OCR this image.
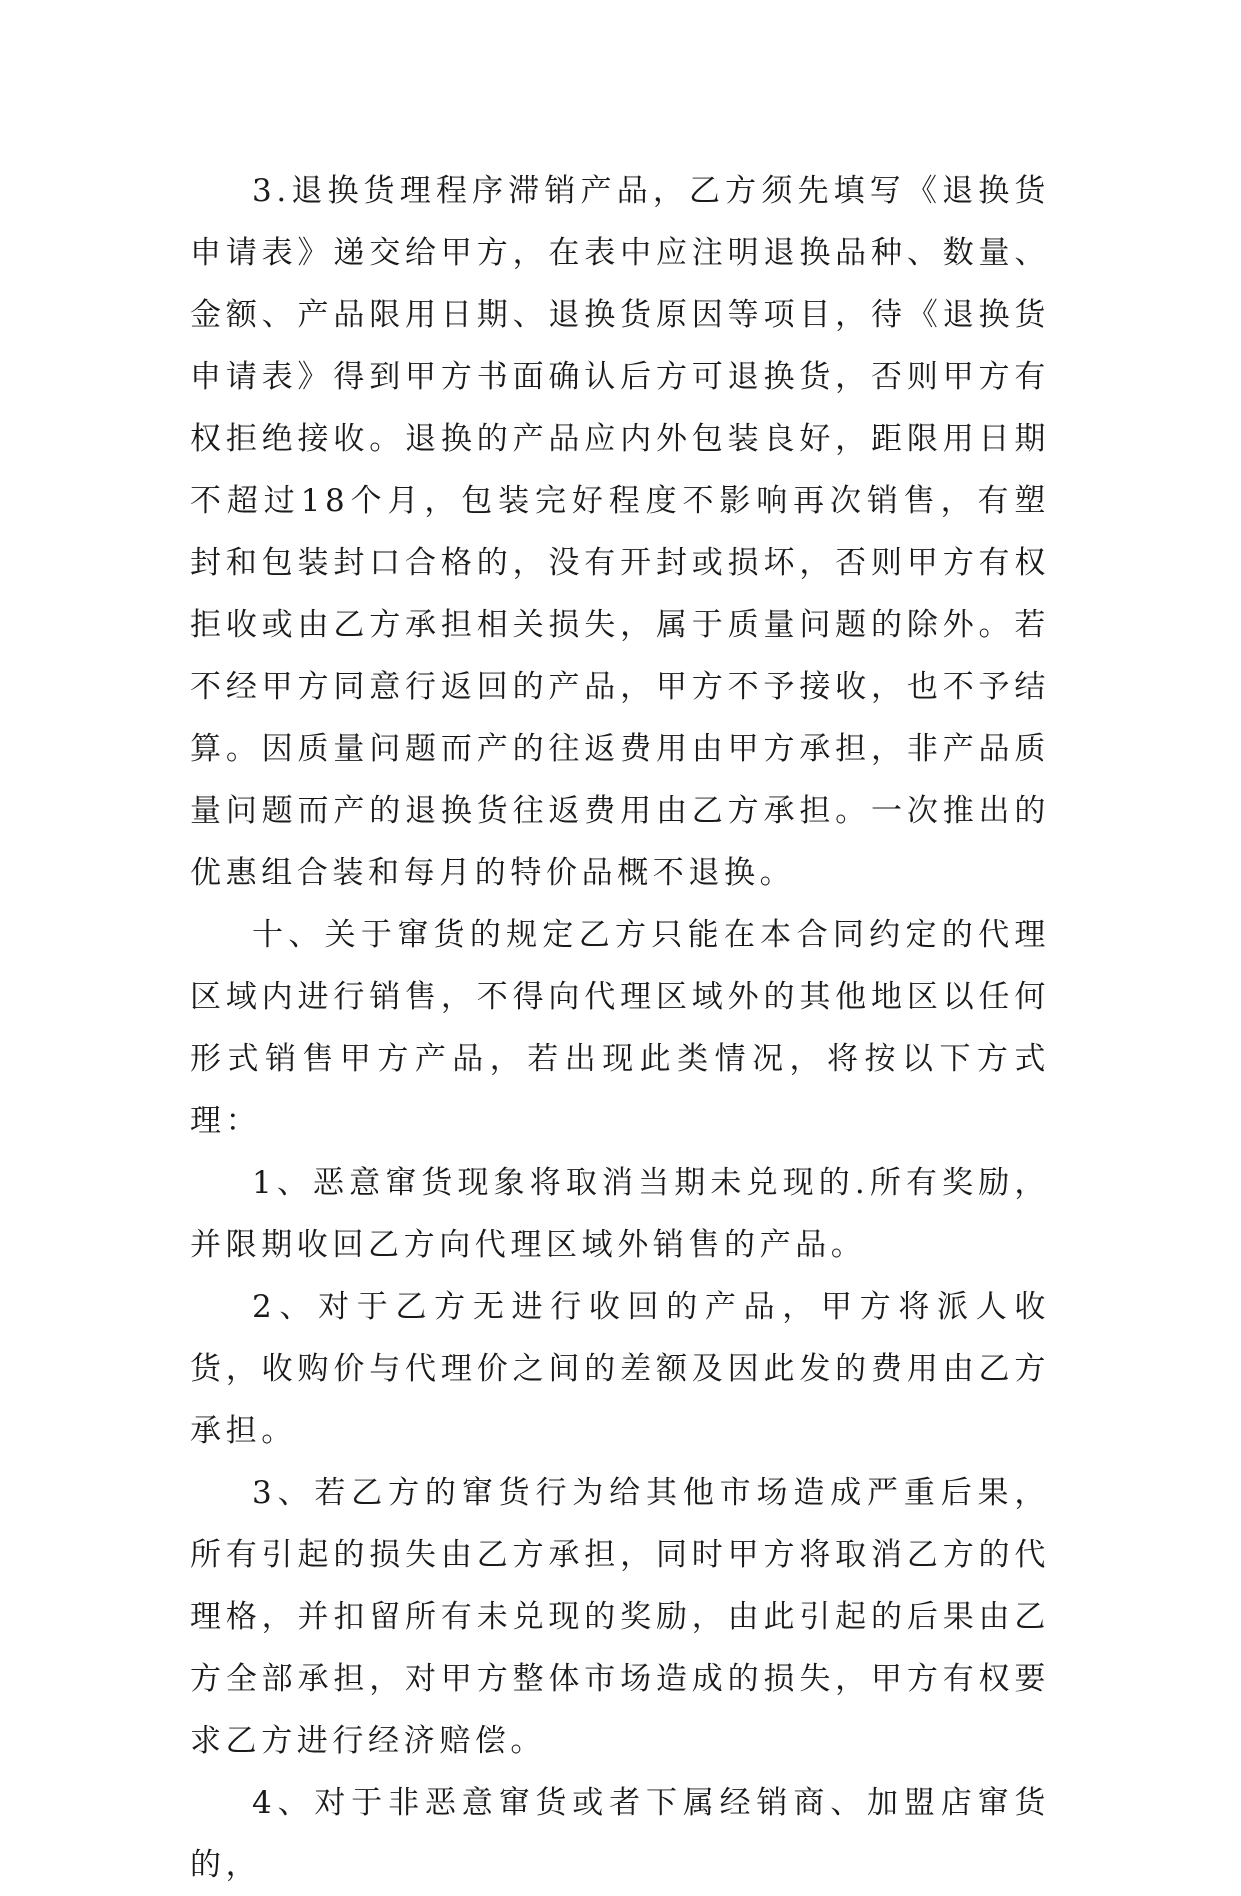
3.退换货理程序滞销产品，乙方须先填写《退换货申请表》递交给甲方，在表中应注明退换品种、数量、金额、产品限用日期、退换货原因等项目，待《退换货申请表》得到甲方书面确认后方可退换货，否则甲方有权拒绝接收。退换的产品应内外包装良好，距限用日期不超过18个月，包装完好程度不影响再次销售，有塑封和包装封口合格的，没有开封或损坏，否则甲方有权拒收或由乙方承担相关损失，属于质量问题的除外。若不经甲方同意行返回的产品，甲方不予接收，也不予结算。因质量问题而产的往返费用由甲方承担，非产品质量问题而产的退换货往返费用由乙方承担。一次推出的优惠组合装和每月的特价品概不退换。

十、关于窜货的规定乙方只能在本合同约定的代理区域内进行销售，不得向代理区域外的其他地区以任何形式销售甲方产品，若出现此类情况，将按以下方式理：

1、恶意窜货现象将取消当期未兑现的.所有奖励，并限期收回乙方向代理区域外销售的产品。

2、对于乙方无进行收回的产品，甲方将派人收货，收购价与代理价之间的差额及因此发的费用由乙方承担。

3、若乙方的窜货行为给其他市场造成严重后果，所有引起的损失由乙方承担，同时甲方将取消乙方的代理格，并扣留所有未兑现的奖励，由此引起的后果由乙方全部承担，对甲方整体市场造成的损失，甲方有权要求乙方进行经济赔偿。

4、对于非恶意窜货或者下属经销商、加盟店窜货的，
